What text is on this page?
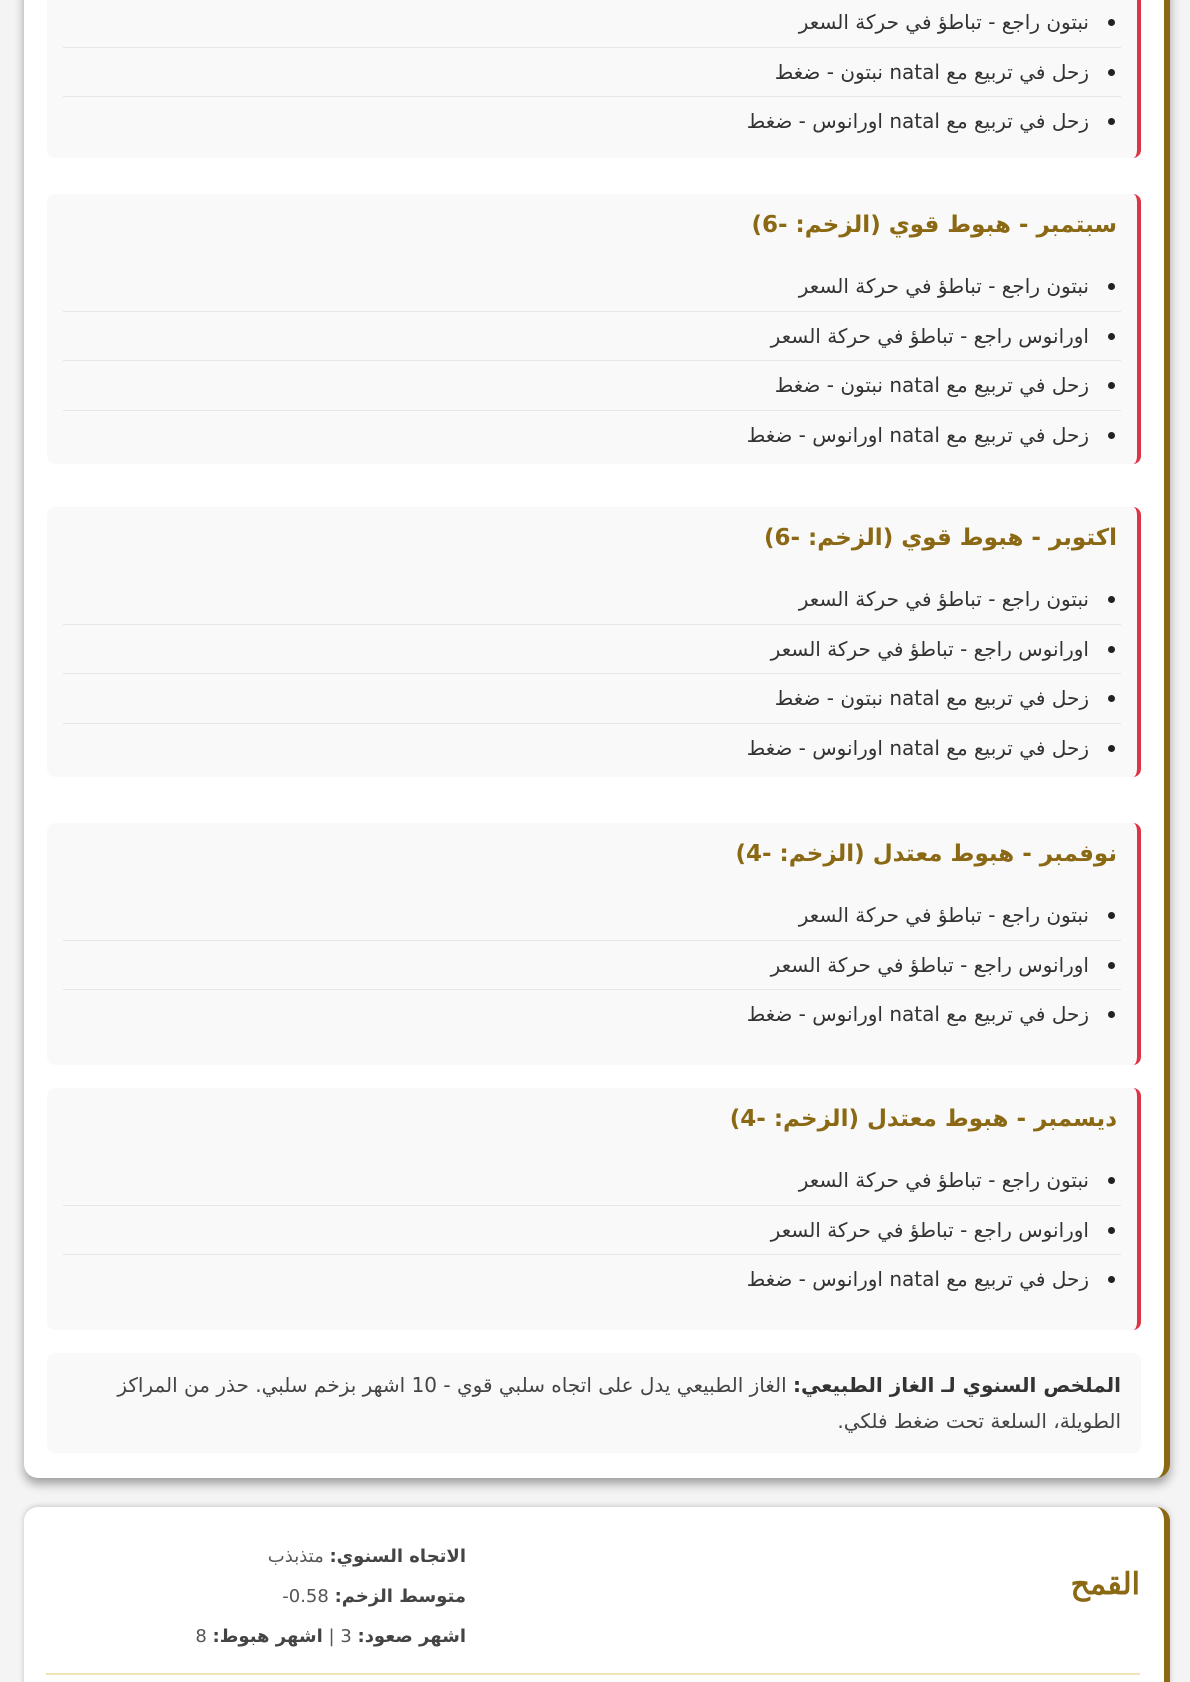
نبتون راجع - تباطؤ في حركة السعر
زحل في تربيع مع natal نبتون - ضغط
زحل في تربيع مع natal اورانوس - ضغط
سبتمبر - هبوط قوي (الزخم: -6)
نبتون راجع - تباطؤ في حركة السعر
اورانوس راجع - تباطؤ في حركة السعر
زحل في تربيع مع natal نبتون - ضغط
زحل في تربيع مع natal اورانوس - ضغط
اكتوبر - هبوط قوي (الزخم: -6)
نبتون راجع - تباطؤ في حركة السعر
اورانوس راجع - تباطؤ في حركة السعر
زحل في تربيع مع natal نبتون - ضغط
زحل في تربيع مع natal اورانوس - ضغط
نوفمبر - هبوط معتدل (الزخم: -4)
نبتون راجع - تباطؤ في حركة السعر
اورانوس راجع - تباطؤ في حركة السعر
زحل في تربيع مع natal اورانوس - ضغط
ديسمبر - هبوط معتدل (الزخم: -4)
نبتون راجع - تباطؤ في حركة السعر
اورانوس راجع - تباطؤ في حركة السعر
زحل في تربيع مع natal اورانوس - ضغط
الملخص السنوي لـ الغاز الطبيعي: الغاز الطبيعي يدل على اتجاه سلبي قوي - 10 اشهر بزخم سلبي. حذر من المراكز الطويلة، السلعة تحت ضغط فلكي.
القمح
الاتجاه السنوي: متذبذب
متوسط الزخم: -0.58
اشهر صعود: 3 | اشهر هبوط: 8
